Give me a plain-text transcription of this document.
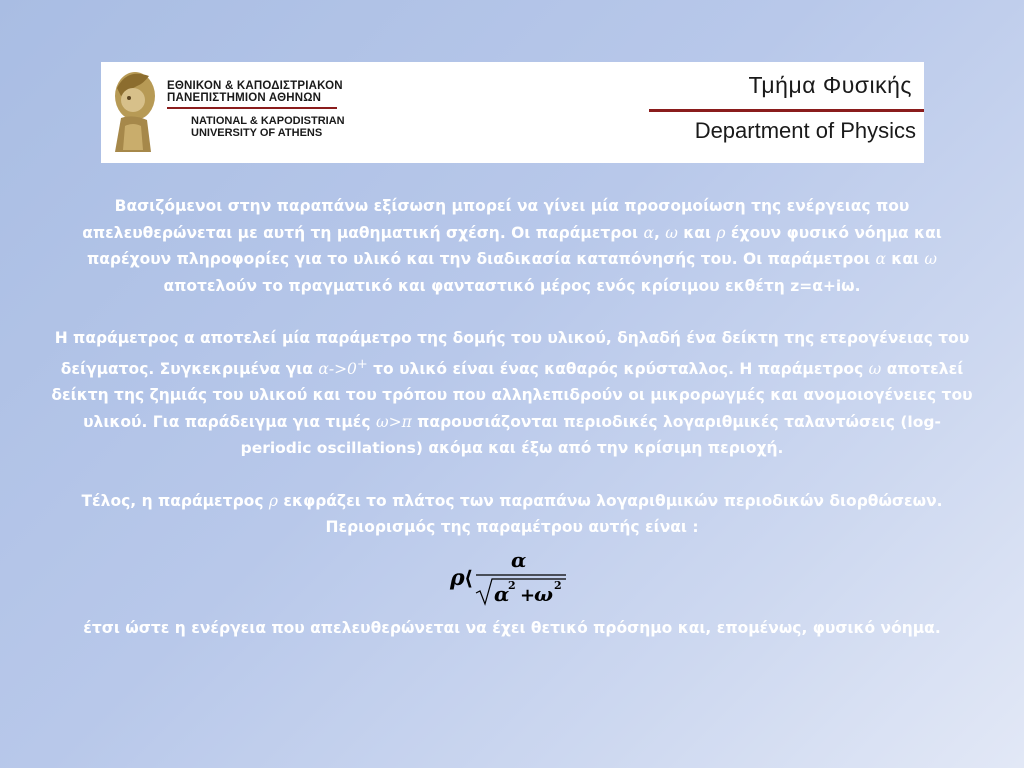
ΕΘΝΙΚΟΝ & ΚΑΠΟΔΙΣΤΡΙΑΚΟΝ
ΠΑΝΕΠΙΣΤΗΜΙΟΝ ΑΘΗΝΩΝ
NATIONAL & KAPODISTRIAN
UNIVERSITY OF ATHENS
Τμήμα Φυσικής
Department of Physics

Βασιζόμενοι στην παραπάνω εξίσωση μπορεί να γίνει μία προσομοίωση της ενέργειας που απελευθερώνεται με αυτή τη μαθηματική σχέση. Οι παράμετροι α, ω και ρ έχουν φυσικό νόημα και παρέχουν πληροφορίες για το υλικό και την διαδικασία καταπόνησής του. Οι παράμετροι α και ω αποτελούν το πραγματικό και φανταστικό μέρος ενός κρίσιμου εκθέτη z=α+iω.

Η παράμετρος α αποτελεί μία παράμετρο της δομής του υλικού, δηλαδή ένα δείκτη της ετερογένειας του δείγματος. Συγκεκριμένα για α->0+ το υλικό είναι ένας καθαρός κρύσταλλος. Η παράμετρος ω αποτελεί δείκτη της ζημιάς του υλικού και του τρόπου που αλληλεπιδρούν οι μικρορωγμές και ανομοιογένειες του υλικού. Για παράδειγμα για τιμές ω>π παρουσιάζονται περιοδικές λογαριθμικές ταλαντώσεις (log-periodic oscillations) ακόμα και έξω από την κρίσιμη περιοχή.

Τέλος, η παράμετρος ρ εκφράζει το πλάτος των παραπάνω λογαριθμικών περιοδικών διορθώσεων. Περιορισμός της παραμέτρου αυτής είναι :

ρ ⟨
α
α
2 +
ω 2

έτσι ώστε η ενέργεια που απελευθερώνεται να έχει θετικό πρόσημο και, επομένως, φυσικό νόημα.
